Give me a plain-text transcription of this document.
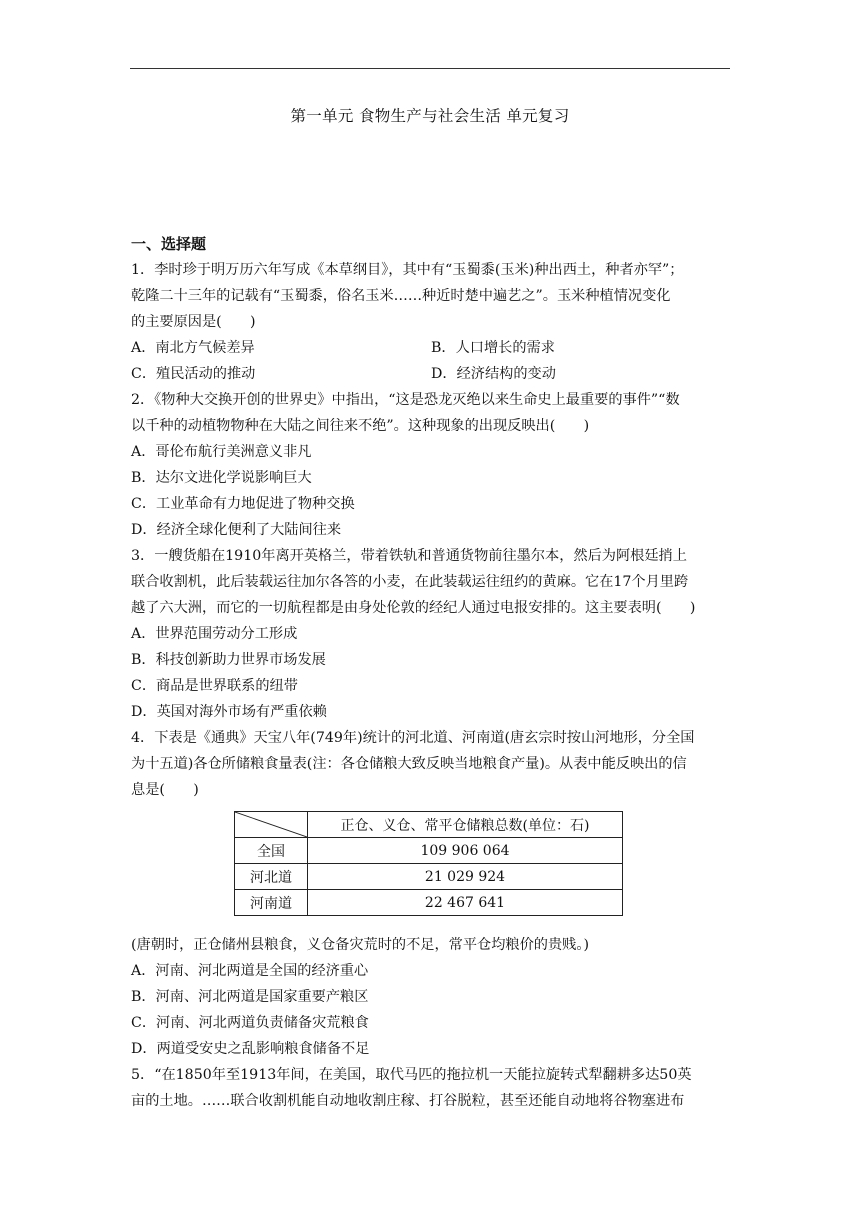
第一单元 食物生产与社会生活 单元复习
一、选择题
1．李时珍于明万历六年写成《本草纲目》，其中有“玉蜀黍(玉米)种出西土，种者亦罕”；
乾隆二十三年的记载有“玉蜀黍，俗名玉米……种近时楚中遍艺之”。玉米种植情况变化
的主要原因是(　　)
A．南北方气候差异	B．人口增长的需求
C．殖民活动的推动	D．经济结构的变动
2．《物种大交换开创的世界史》中指出，“这是恐龙灭绝以来生命史上最重要的事件”“数
以千种的动植物物种在大陆之间往来不绝”。这种现象的出现反映出(　　)
A．哥伦布航行美洲意义非凡
B．达尔文进化学说影响巨大
C．工业革命有力地促进了物种交换
D．经济全球化便利了大陆间往来
3．一艘货船在1910年离开英格兰，带着铁轨和普通货物前往墨尔本，然后为阿根廷捎上
联合收割机，此后装载运往加尔各答的小麦，在此装载运往纽约的黄麻。它在17个月里跨
越了六大洲，而它的一切航程都是由身处伦敦的经纪人通过电报安排的。这主要表明(　　)
A．世界范围劳动分工形成
B．科技创新助力世界市场发展
C．商品是世界联系的纽带
D．英国对海外市场有严重依赖
4．下表是《通典》天宝八年(749年)统计的河北道、河南道(唐玄宗时按山河地形，分全国
为十五道)各仓所储粮食量表(注：各仓储粮大致反映当地粮食产量)。从表中能反映出的信
息是(　　)
	正仓、义仓、常平仓储粮总数(单位：石)
全国	109 906 064
河北道	21 029 924
河南道	22 467 641
(唐朝时，正仓储州县粮食，义仓备灾荒时的不足，常平仓均粮价的贵贱。)
A．河南、河北两道是全国的经济重心
B．河南、河北两道是国家重要产粮区
C．河南、河北两道负责储备灾荒粮食
D．两道受安史之乱影响粮食储备不足
5．“在1850年至1913年间，在美国，取代马匹的拖拉机一天能拉旋转式犁翻耕多达50英
亩的土地。……联合收割机能自动地收割庄稼、打谷脱粒，甚至还能自动地将谷物塞进布
